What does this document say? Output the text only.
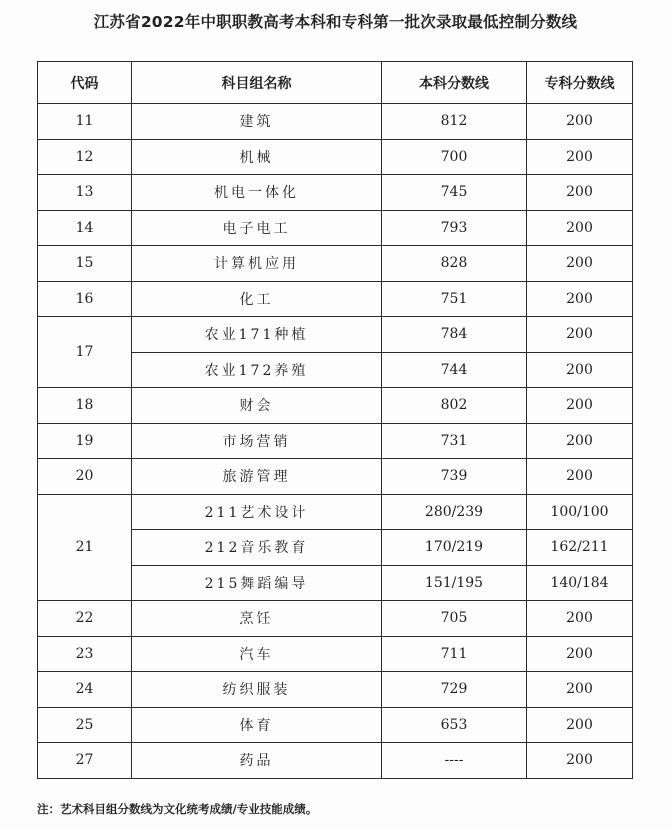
江苏省2022年中职职教高考本科和专科第一批次录取最低控制分数线
代码	科目组名称	本科分数线	专科分数线
11	建筑	812	200
12	机械	700	200
13	机电一体化	745	200
14	电子电工	793	200
15	计算机应用	828	200
16	化工	751	200
17	农业171种植	784	200
	农业172养殖	744	200
18	财会	802	200
19	市场营销	731	200
20	旅游管理	739	200
21	211艺术设计	280/239	100/100
	212音乐教育	170/219	162/211
	215舞蹈编导	151/195	140/184
22	烹饪	705	200
23	汽车	711	200
24	纺织服装	729	200
25	体育	653	200
27	药品	----	200
注：艺术科目组分数线为文化统考成绩/专业技能成绩。
